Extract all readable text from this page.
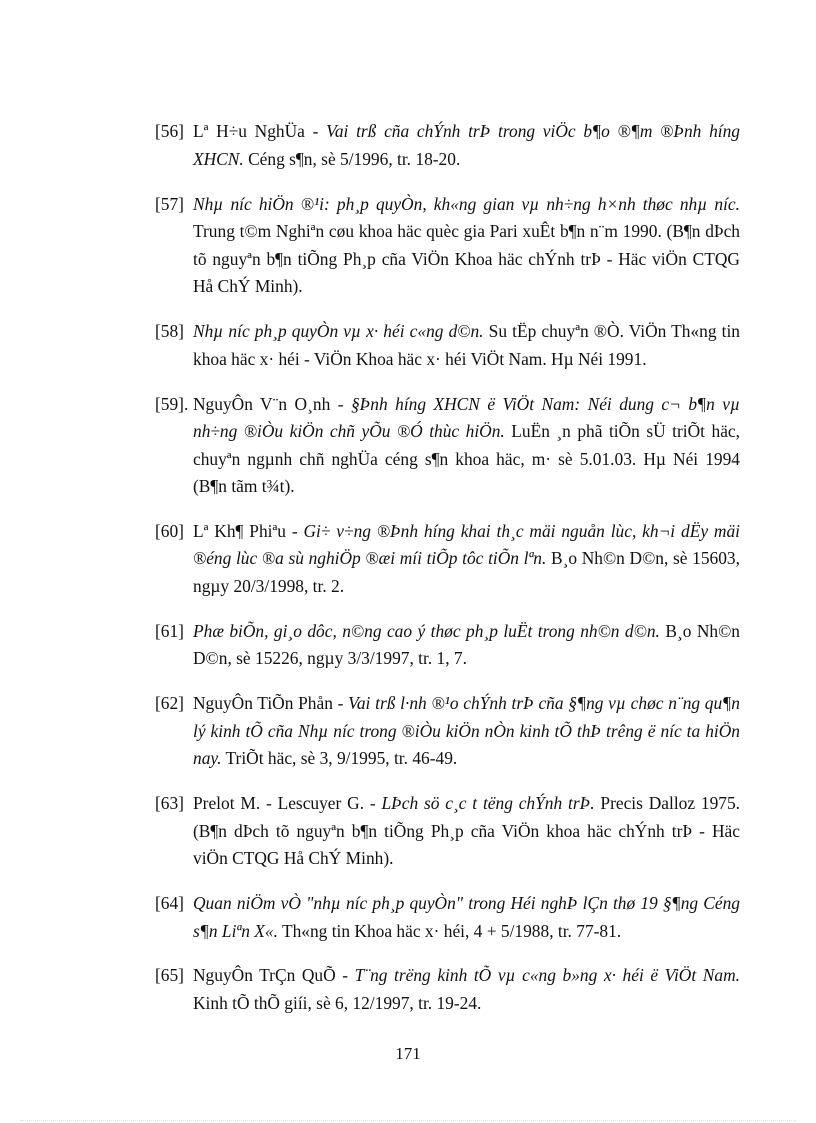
[56] Lª H÷u NghÜa - Vai trß cña chÝnh trÞ trong viÖc b¶o ®¶m ®Þnh híng XHCN. Céng s¶n, sè 5/1996, tr. 18-20.

[57] Nhµ níc hiÖn ®¹i: ph¸p quyÒn, kh«ng gian vµ nh÷ng h×nh thøc nhµ níc. Trung t©m Nghiªn cøu khoa häc quèc gia Pari xuÊt b¶n n¨m 1990. (B¶n dÞch tõ nguyªn b¶n tiÕng Ph¸p cña ViÖn Khoa häc chÝnh trÞ - Häc viÖn CTQG Hå ChÝ Minh).

[58] Nhµ níc ph¸p quyÒn vµ x· héi c«ng d©n. Su tËp chuyªn ®Ò. ViÖn Th«ng tin khoa häc x· héi - ViÖn Khoa häc x· héi ViÖt Nam. Hµ Néi 1991.

[59]. NguyÔn V¨n O¸nh - §Þnh híng XHCN ë ViÖt Nam: Néi dung c¬ b¶n vµ nh÷ng ®iÒu kiÖn chñ yÕu ®Ó thùc hiÖn. LuËn ¸n phã tiÕn sÜ triÕt häc, chuyªn ngµnh chñ nghÜa céng s¶n khoa häc, m· sè 5.01.03. Hµ Néi 1994 (B¶n tãm t¾t).

[60] Lª Kh¶ Phiªu - Gi÷ v÷ng ®Þnh híng khai th¸c mäi nguån lùc, kh¬i dËy mäi ®éng lùc ®a sù nghiÖp ®æi míi tiÕp tôc tiÕn lªn. B¸o Nh©n D©n, sè 15603, ngµy 20/3/1998, tr. 2.

[61] Phæ biÕn, gi¸o dôc, n©ng cao ý thøc ph¸p luËt trong nh©n d©n. B¸o Nh©n D©n, sè 15226, ngµy 3/3/1997, tr. 1, 7.

[62] NguyÔn TiÕn Phån - Vai trß l·nh ®¹o chÝnh trÞ cña §¶ng vµ chøc n¨ng qu¶n lý kinh tÕ cña Nhµ níc trong ®iÒu kiÖn nÒn kinh tÕ thÞ trêng ë níc ta hiÖn nay. TriÕt häc, sè 3, 9/1995, tr. 46-49.

[63] Prelot M. - Lescuyer G. - LÞch sö c¸c t tëng chÝnh trÞ. Precis Dalloz 1975. (B¶n dÞch tõ nguyªn b¶n tiÕng Ph¸p cña ViÖn khoa häc chÝnh trÞ - Häc viÖn CTQG Hå ChÝ Minh).

[64] Quan niÖm vÒ "nhµ níc ph¸p quyÒn" trong Héi nghÞ lÇn thø 19 §¶ng Céng s¶n Liªn X«. Th«ng tin Khoa häc x· héi, 4 + 5/1988, tr. 77-81.

[65] NguyÔn TrÇn QuÕ - T¨ng trëng kinh tÕ vµ c«ng b»ng x· héi ë ViÖt Nam. Kinh tÕ thÕ giíi, sè 6, 12/1997, tr. 19-24.

171
